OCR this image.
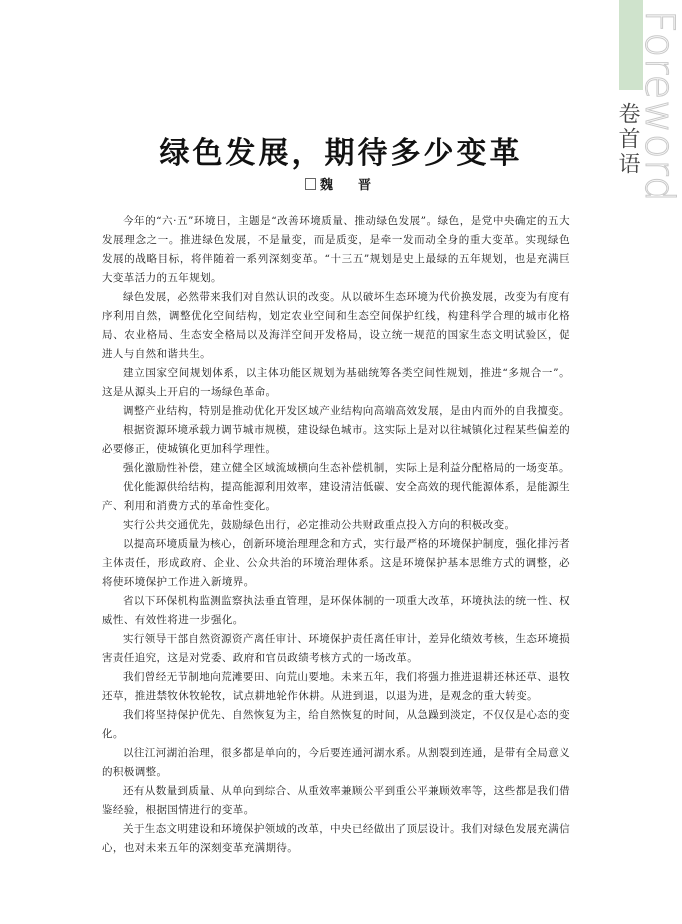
Foreword
卷首语
绿色发展，期待多少变革
魏　晋

今年的“六·五”环境日，主题是“改善环境质量、推动绿色发展”。绿色，是党中央确定的五大发展理念之一。推进绿色发展，不是量变，而是质变，是牵一发而动全身的重大变革。实现绿色发展的战略目标，将伴随着一系列深刻变革。“十三五”规划是史上最绿的五年规划，也是充满巨大变革活力的五年规划。

绿色发展，必然带来我们对自然认识的改变。从以破坏生态环境为代价换发展，改变为有度有序利用自然，调整优化空间结构，划定农业空间和生态空间保护红线，构建科学合理的城市化格局、农业格局、生态安全格局以及海洋空间开发格局，设立统一规范的国家生态文明试验区，促进人与自然和谐共生。

建立国家空间规划体系，以主体功能区规划为基础统筹各类空间性规划，推进“多规合一”。这是从源头上开启的一场绿色革命。

调整产业结构，特别是推动优化开发区域产业结构向高端高效发展，是由内而外的自我擅变。

根据资源环境承载力调节城市规模，建设绿色城市。这实际上是对以往城镇化过程某些偏差的必要修正，使城镇化更加科学理性。

强化激励性补偿，建立健全区域流域横向生态补偿机制，实际上是利益分配格局的一场变革。

优化能源供给结构，提高能源利用效率，建设清洁低碳、安全高效的现代能源体系，是能源生产、利用和消费方式的革命性变化。

实行公共交通优先，鼓励绿色出行，必定推动公共财政重点投入方向的积极改变。

以提高环境质量为核心，创新环境治理理念和方式，实行最严格的环境保护制度，强化排污者主体责任，形成政府、企业、公众共治的环境治理体系。这是环境保护基本思维方式的调整，必将使环境保护工作进入新境界。

省以下环保机构监测监察执法垂直管理，是环保体制的一项重大改革，环境执法的统一性、权威性、有效性将进一步强化。

实行领导干部自然资源资产离任审计、环境保护责任离任审计，差异化绩效考核，生态环境损害责任追究，这是对党委、政府和官员政绩考核方式的一场改革。

我们曾经无节制地向荒滩要田、向荒山要地。未来五年，我们将强力推进退耕还林还草、退牧还草，推进禁牧休牧轮牧，试点耕地轮作休耕。从进到退，以退为进，是观念的重大转变。

我们将坚持保护优先、自然恢复为主，给自然恢复的时间，从急躁到淡定，不仅仅是心态的变化。

以往江河湖泊治理，很多都是单向的，今后要连通河湖水系。从割裂到连通，是带有全局意义的积极调整。

还有从数量到质量、从单向到综合、从重效率兼顾公平到重公平兼顾效率等，这些都是我们借鉴经验，根据国情进行的变革。

关于生态文明建设和环境保护领域的改革，中央已经做出了顶层设计。我们对绿色发展充满信心，也对未来五年的深刻变革充满期待。
